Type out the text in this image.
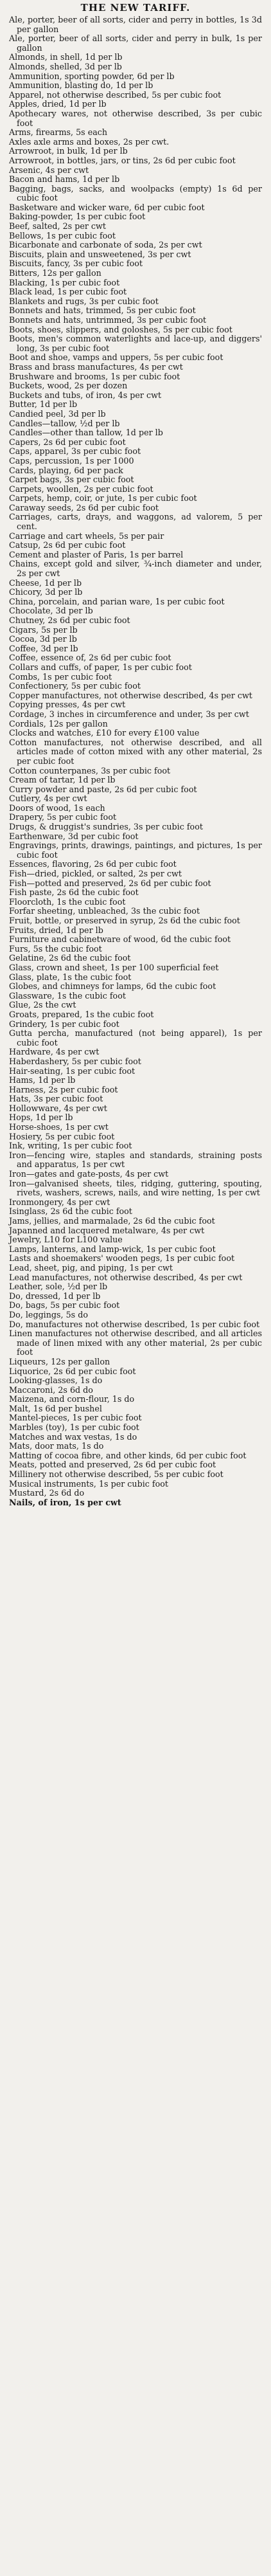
THE NEW TARIFF.
Ale, porter, beer of all sorts, cider and perry in bottles, 1s 3d per gallon
Ale, porter, beer of all sorts, cider and perry in bulk, 1s per gallon
Almonds, in shell, 1d per lb
Almonds, shelled, 3d per lb
Ammunition, sporting powder, 6d per lb
Ammunition, blasting do, 1d per lb
Apparel, not otherwise described, 5s per cubic foot
Apples, dried, 1d per lb
Apothecary wares, not otherwise described, 3s per cubic foot
Arms, firearms, 5s each
Axles axle arms and boxes, 2s per cwt.
Arrowroot, in bulk, 1d per lb
Arrowroot, in bottles, jars, or tins, 2s 6d per cubic foot
Arsenic, 4s per cwt
Bacon and hams, 1d per lb
Bagging, bags, sacks, and woolpacks (empty) 1s 6d per cubic foot
Basketware and wicker ware, 6d per cubic foot
Baking-powder, 1s per cubic foot
Beef, salted, 2s per cwt
Bellows, 1s per cubic foot
Bicarbonate and carbonate of soda, 2s per cwt
Biscuits, plain and unsweetened, 3s per cwt
Biscuits, fancy, 3s per cubic foot
Bitters, 12s per gallon
Blacking, 1s per cubic foot
Black lead, 1s per cubic foot
Blankets and rugs, 3s per cubic foot
Bonnets and hats, trimmed, 5s per cubic foot
Bonnets and hats, untrimmed, 3s per cubic foot
Boots, shoes, slippers, and goloshes, 5s per cubic foot
Boots, men's common waterlights and lace-up, and diggers' long, 3s per cubic foot
Boot and shoe, vamps and uppers, 5s per cubic foot
Brass and brass manufactures, 4s per cwt
Brushware and brooms, 1s per cubic foot
Buckets, wood, 2s per dozen
Buckets and tubs, of iron, 4s per cwt
Butter, 1d per lb
Candied peel, 3d per lb
Candles—tallow, ½d per lb
Candles—other than tallow, 1d per lb
Capers, 2s 6d per cubic foot
Caps, apparel, 3s per cubic foot
Caps, percussion, 1s per 1000
Cards, playing, 6d per pack
Carpet bags, 3s per cubic foot
Carpets, woollen, 2s per cubic foot
Carpets, hemp, coir, or jute, 1s per cubic foot
Caraway seeds, 2s 6d per cubic foot
Carriages, carts, drays, and waggons, ad valorem, 5 per cent.
Carriage and cart wheels, 5s per pair
Catsup, 2s 6d per cubic foot
Cement and plaster of Paris, 1s per barrel
Chains, except gold and silver, ¾-inch diameter and under, 2s per cwt
Cheese, 1d per lb
Chicory, 3d per lb
China, porcelain, and parian ware, 1s per cubic foot
Chocolate, 3d per lb
Chutney, 2s 6d per cubic foot
Cigars, 5s per lb
Cocoa, 3d per lb
Coffee, 3d per lb
Coffee, essence of, 2s 6d per cubic foot
Collars and cuffs, of paper, 1s per cubic foot
Combs, 1s per cubic foot
Confectionery, 5s per cubic foot
Copper manufactures, not otherwise described, 4s per cwt
Copying presses, 4s per cwt
Cordage, 3 inches in circumference and under, 3s per cwt
Cordials, 12s per gallon
Clocks and watches, £10 for every £100 value
Cotton manufactures, not otherwise described, and all articles made of cotton mixed with any other material, 2s per cubic foot
Cotton counterpanes, 3s per cubic foot
Cream of tartar, 1d per lb
Curry powder and paste, 2s 6d per cubic foot
Cutlery, 4s per cwt
Doors of wood, 1s each
Drapery, 5s per cubic foot
Drugs, & druggist's sundries, 3s per cubic foot
Earthenware, 3d per cubic foot
Engravings, prints, drawings, paintings, and pictures, 1s per cubic foot
Essences, flavoring, 2s 6d per cubic foot
Fish—dried, pickled, or salted, 2s per cwt
Fish—potted and preserved, 2s 6d per cubic foot
Fish paste, 2s 6d the cubic foot
Floorcloth, 1s the cubic foot
Forfar sheeting, unbleached, 3s the cubic foot
Fruit, bottle, or preserved in syrup, 2s 6d the cubic foot
Fruits, dried, 1d per lb
Furniture and cabinetware of wood, 6d the cubic foot
Furs, 5s the cubic foot
Gelatine, 2s 6d the cubic foot
Glass, crown and sheet, 1s per 100 superficial feet
Glass, plate, 1s the cubic foot
Globes, and chimneys for lamps, 6d the cubic foot
Glassware, 1s the cubic foot
Glue, 2s the cwt
Groats, prepared, 1s the cubic foot
Grindery, 1s per cubic foot
Gutta percha, manufactured (not being apparel), 1s per cubic foot
Hardware, 4s per cwt
Haberdashery, 5s per cubic foot
Hair-seating, 1s per cubic foot
Hams, 1d per lb
Harness, 2s per cubic foot
Hats, 3s per cubic foot
Hollowware, 4s per cwt
Hops, 1d per lb
Horse-shoes, 1s per cwt
Hosiery, 5s per cubic foot
Ink, writing, 1s per cubic foot
Iron—fencing wire, staples and standards, straining posts and apparatus, 1s per cwt
Iron—gates and gate-posts, 4s per cwt
Iron—galvanised sheets, tiles, ridging, guttering, spouting, rivets, washers, screws, nails, and wire netting, 1s per cwt
Ironmongery, 4s per cwt
Isinglass, 2s 6d the cubic foot
Jams, jellies, and marmalade, 2s 6d the cubic foot
Japanned and lacquered metalware, 4s per cwt
Jewelry, L10 for L100 value
Lamps, lanterns, and lamp-wick, 1s per cubic foot
Lasts and shoemakers' wooden pegs, 1s per cubic foot
Lead, sheet, pig, and piping, 1s per cwt
Lead manufactures, not otherwise described, 4s per cwt
Leather, sole, ½d per lb
Do, dressed, 1d per lb
Do, bags, 5s per cubic foot
Do, leggings, 5s do
Do, manufactures not otherwise described, 1s per cubic foot
Linen manufactures not otherwise described, and all articles made of linen mixed with any other material, 2s per cubic foot
Liqueurs, 12s per gallon
Liquorice, 2s 6d per cubic foot
Looking-glasses, 1s do
Maccaroni, 2s 6d do
Maizena, and corn-flour, 1s do
Malt, 1s 6d per bushel
Mantel-pieces, 1s per cubic foot
Marbles (toy), 1s per cubic foot
Matches and wax vestas, 1s do
Mats, door mats, 1s do
Matting of cocoa fibre, and other kinds, 6d per cubic foot
Meats, potted and preserved, 2s 6d per cubic foot
Millinery not otherwise described, 5s per cubic foot
Musical instruments, 1s per cubic foot
Mustard, 2s 6d do
Nails, of iron, 1s per cwt
